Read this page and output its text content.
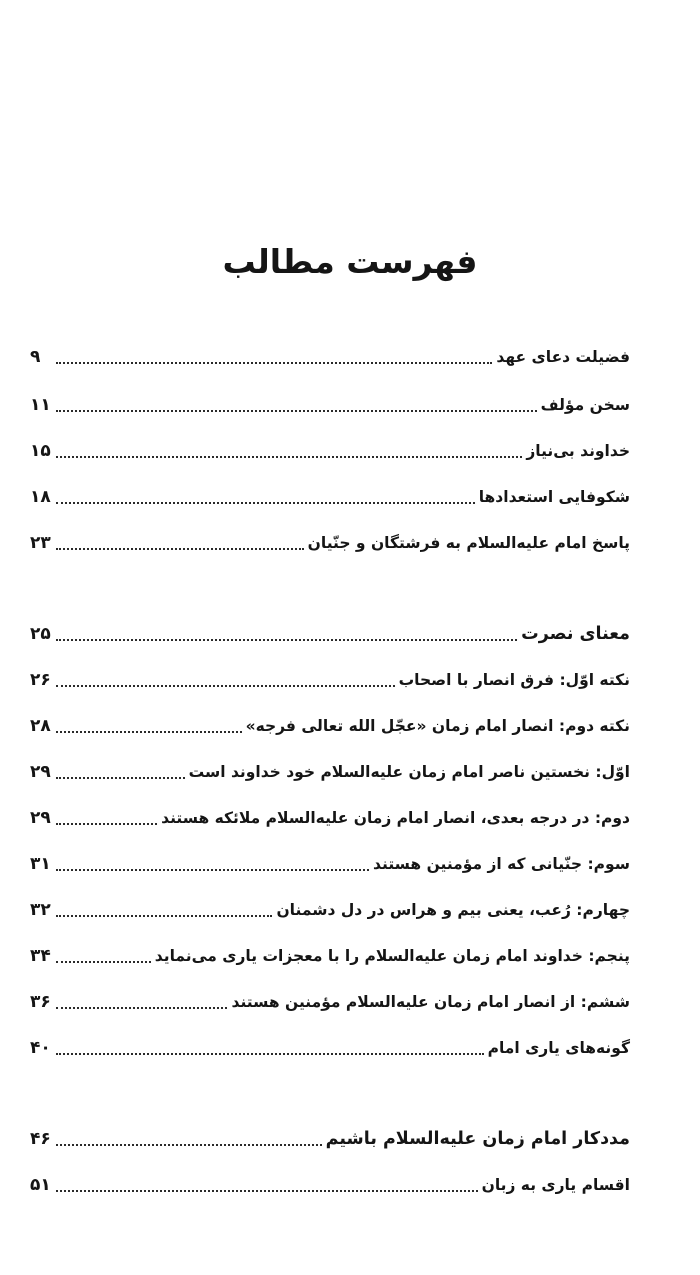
فهرست مطالب
فضیلت دعای عهد
۹
سخن مؤلف
۱۱
خداوند بی‌نیاز
۱۵
شکوفایی استعدادها
۱۸
پاسخ امام علیه‌السلام به فرشتگان و جنّیان
۲۳
معنای نصرت
۲۵
نکته اوّل: فرق انصار با اصحاب
۲۶
نکته دوم: انصار امام زمان «عجّل الله تعالی فرجه»
۲۸
اوّل: نخستین ناصر امام زمان علیه‌السلام خود خداوند است
۲۹
دوم: در درجه بعدی، انصار امام زمان علیه‌السلام ملائکه هستند
۲۹
سوم: جنّیانی که از مؤمنین هستند
۳۱
چهارم: رُعب، یعنی بیم و هراس در دل دشمنان
۳۲
پنجم: خداوند امام زمان علیه‌السلام را با معجزات یاری می‌نماید
۳۴
ششم: از انصار امام زمان علیه‌السلام مؤمنین هستند
۳۶
گونه‌های یاری امام
۴۰
مددکار امام زمان علیه‌السلام باشیم
۴۶
اقسام یاری به زبان
۵۱
